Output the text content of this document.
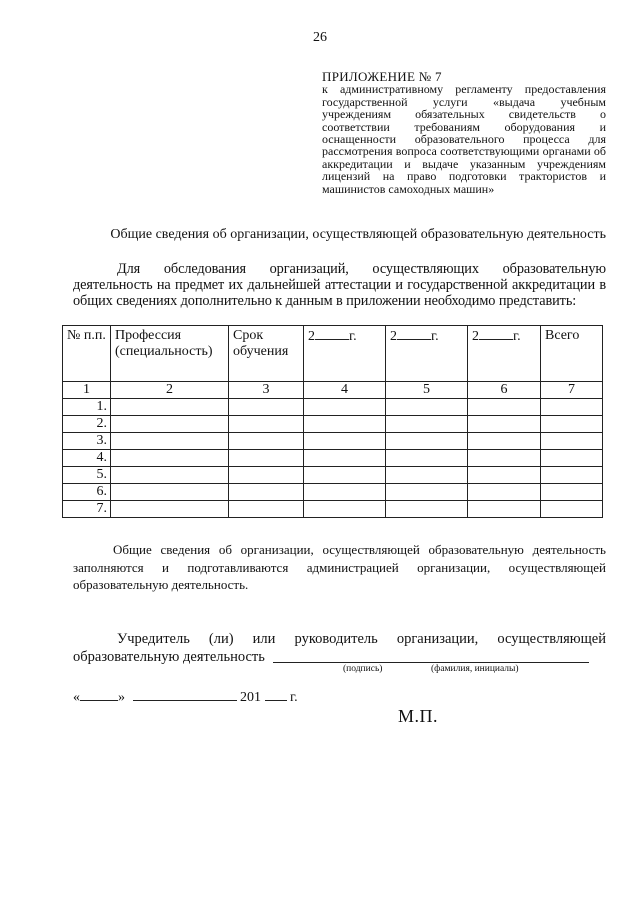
26
ПРИЛОЖЕНИЕ № 7
к административному регламенту предоставления государственной услуги «выдача учебным учреждениям обязательных свидетельств о соответствии требованиям оборудования и оснащенности образовательного процесса для рассмотрения вопроса соответствующими органами об аккредитации и выдаче указанным учреждениям лицензий на право подготовки трактористов и машинистов самоходных машин»
Общие сведения об организации, осуществляющей образовательную деятельность
Для обследования организаций, осуществляющих образовательную деятельность на предмет их дальнейшей аттестации и государственной аккредитации в общих сведениях дополнительно к данным в приложении необходимо представить:
№ п.п.	Профессия (специальность)	Срок обучения	2 г.	2 г.	2 г.	Всего
1	2	3	4	5	6	7
1.						
2.						
3.						
4.						
5.						
6.						
7.						
Общие сведения об организации, осуществляющей образовательную деятельность заполняются и подготавливаются администрацией организации, осуществляющей образовательную деятельность.
Учредитель (ли) или руководитель организации, осуществляющей образовательную деятельность
(подпись)	(фамилия, инициалы)
«	»	201 г.
М.П.
